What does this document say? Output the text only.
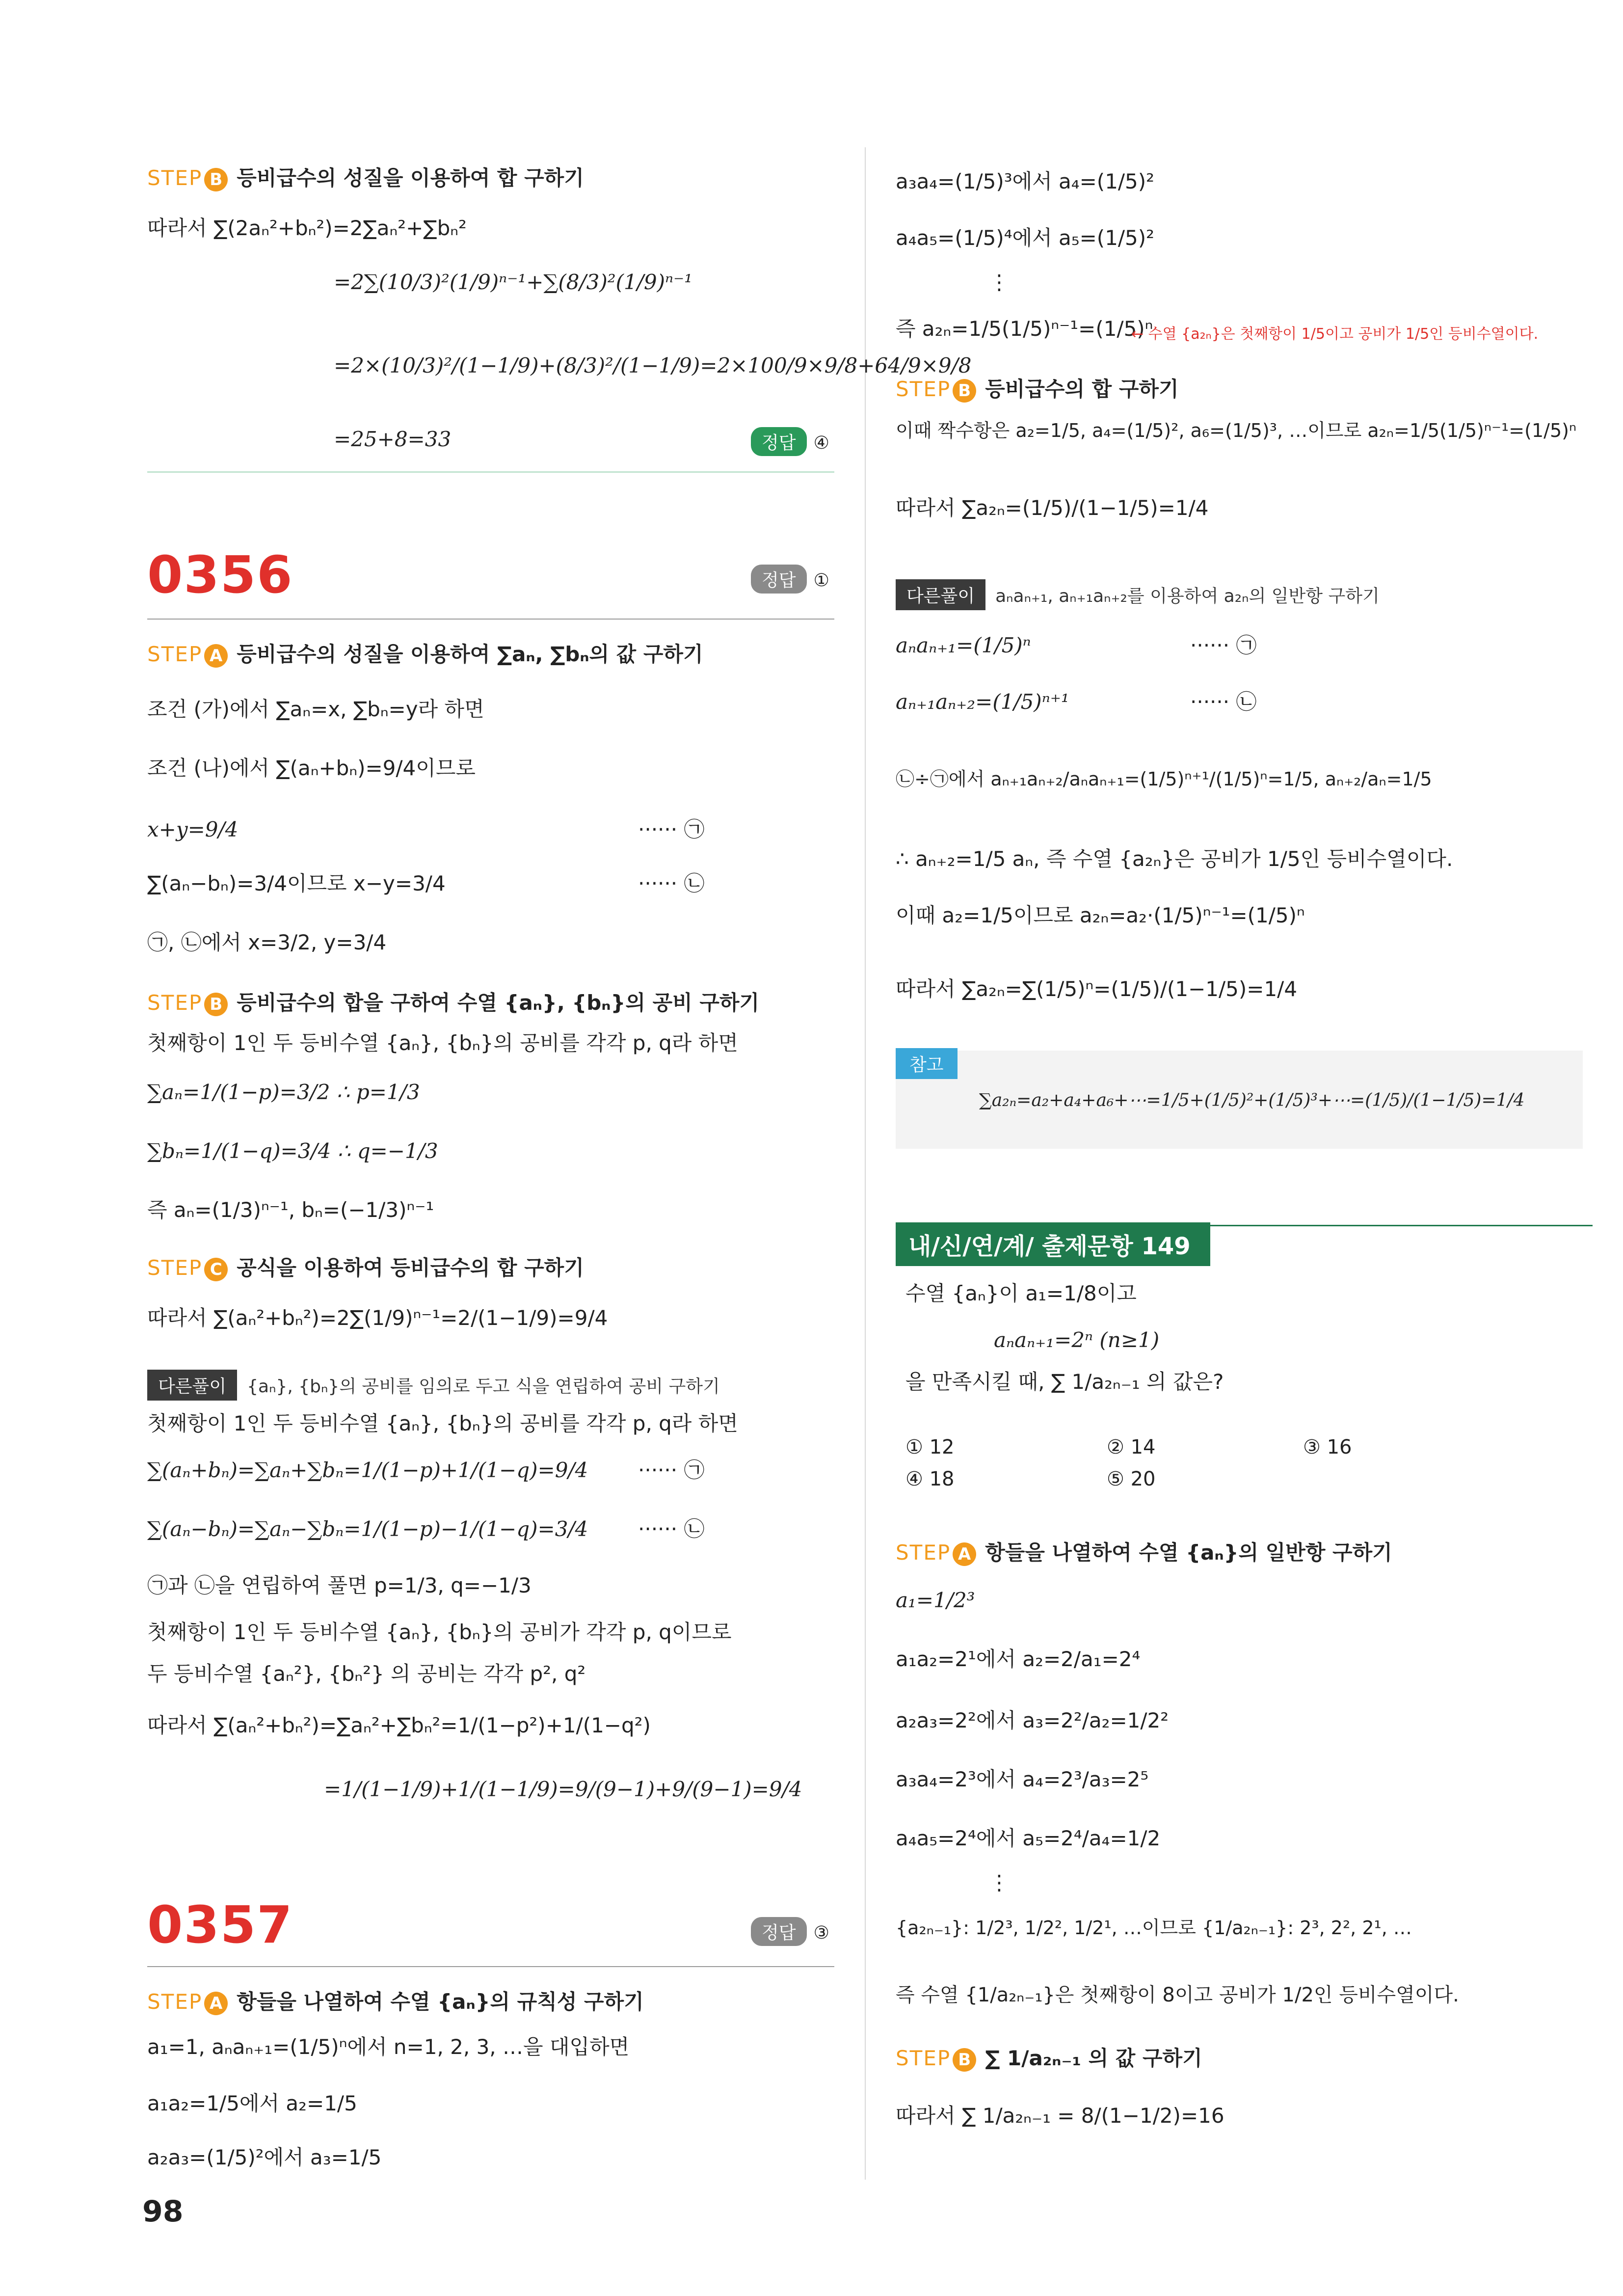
STEP B 등비급수의 성질을 이용하여 합 구하기
따라서 ∑(2aₙ²+bₙ²)=2∑aₙ²+∑bₙ²
=2∑(10/3)²(1/9)ⁿ⁻¹+∑(8/3)²(1/9)ⁿ⁻¹
=2×(10/3)²/(1−1/9)+(8/3)²/(1−1/9)=2×100/9×9/8+64/9×9/8
=25+8=33	정답 ④
0356	정답 ①
STEP A 등비급수의 성질을 이용하여 ∑aₙ, ∑bₙ의 값 구하기
조건 (가)에서 ∑aₙ=x, ∑bₙ=y라 하면
조건 (나)에서 ∑(aₙ+bₙ)=9/4이므로
x+y=9/4	······ ㉠
∑(aₙ−bₙ)=3/4이므로 x−y=3/4	······ ㉡
㉠, ㉡에서 x=3/2, y=3/4
STEP B 등비급수의 합을 구하여 수열 {aₙ}, {bₙ}의 공비 구하기
첫째항이 1인 두 등비수열 {aₙ}, {bₙ}의 공비를 각각 p, q라 하면
∑aₙ=1/(1−p)=3/2 ∴ p=1/3
∑bₙ=1/(1−q)=3/4 ∴ q=−1/3
즉 aₙ=(1/3)ⁿ⁻¹, bₙ=(−1/3)ⁿ⁻¹
STEP C 공식을 이용하여 등비급수의 합 구하기
따라서 ∑(aₙ²+bₙ²)=2∑(1/9)ⁿ⁻¹=2/(1−1/9)=9/4
다른풀이 {aₙ}, {bₙ}의 공비를 임의로 두고 식을 연립하여 공비 구하기
첫째항이 1인 두 등비수열 {aₙ}, {bₙ}의 공비를 각각 p, q라 하면
∑(aₙ+bₙ)=∑aₙ+∑bₙ=1/(1−p)+1/(1−q)=9/4 ······ ㉠
∑(aₙ−bₙ)=∑aₙ−∑bₙ=1/(1−p)−1/(1−q)=3/4 ······ ㉡
㉠과 ㉡을 연립하여 풀면 p=1/3, q=−1/3
첫째항이 1인 두 등비수열 {aₙ}, {bₙ}의 공비가 각각 p, q이므로
두 등비수열 {aₙ²}, {bₙ²} 의 공비는 각각 p², q²
따라서 ∑(aₙ²+bₙ²)=∑aₙ²+∑bₙ²=1/(1−p²)+1/(1−q²)
=1/(1−1/9)+1/(1−1/9)=9/(9−1)+9/(9−1)=9/4
0357	정답 ③
STEP A 항들을 나열하여 수열 {aₙ}의 규칙성 구하기
a₁=1, aₙaₙ₊₁=(1/5)ⁿ에서 n=1, 2, 3, …을 대입하면
a₁a₂=1/5에서 a₂=1/5
a₂a₃=(1/5)²에서 a₃=1/5
a₃a₄=(1/5)³에서 a₄=(1/5)²
a₄a₅=(1/5)⁴에서 a₅=(1/5)²
⋮
즉 a₂ₙ=1/5(1/5)ⁿ⁻¹=(1/5)ⁿ
← 수열 {a₂ₙ}은 첫째항이 1/5이고 공비가 1/5인 등비수열이다.
STEP B 등비급수의 합 구하기
이때 짝수항은 a₂=1/5, a₄=(1/5)², a₆=(1/5)³, …이므로 a₂ₙ=1/5(1/5)ⁿ⁻¹=(1/5)ⁿ
따라서 ∑a₂ₙ=(1/5)/(1−1/5)=1/4
다른풀이 aₙaₙ₊₁, aₙ₊₁aₙ₊₂를 이용하여 a₂ₙ의 일반항 구하기
aₙaₙ₊₁=(1/5)ⁿ	······ ㉠
aₙ₊₁aₙ₊₂=(1/5)ⁿ⁺¹	······ ㉡
㉡÷㉠에서 aₙ₊₁aₙ₊₂/aₙaₙ₊₁=(1/5)ⁿ⁺¹/(1/5)ⁿ=1/5, aₙ₊₂/aₙ=1/5
∴ aₙ₊₂=1/5 aₙ, 즉 수열 {a₂ₙ}은 공비가 1/5인 등비수열이다.
이때 a₂=1/5이므로 a₂ₙ=a₂·(1/5)ⁿ⁻¹=(1/5)ⁿ
따라서 ∑a₂ₙ=∑(1/5)ⁿ=(1/5)/(1−1/5)=1/4
참고
∑a₂ₙ=a₂+a₄+a₆+⋯=1/5+(1/5)²+(1/5)³+⋯=(1/5)/(1−1/5)=1/4
내/신/연/계/ 출제문항 149
수열 {aₙ}이 a₁=1/8이고
aₙaₙ₊₁=2ⁿ (n≥1)
을 만족시킬 때, ∑ 1/a₂ₙ₋₁ 의 값은?
① 12	② 14	③ 16
④ 18	⑤ 20
STEP A 항들을 나열하여 수열 {aₙ}의 일반항 구하기
a₁=1/2³
a₁a₂=2¹에서 a₂=2/a₁=2⁴
a₂a₃=2²에서 a₃=2²/a₂=1/2²
a₃a₄=2³에서 a₄=2³/a₃=2⁵
a₄a₅=2⁴에서 a₅=2⁴/a₄=1/2
⋮
{a₂ₙ₋₁}: 1/2³, 1/2², 1/2¹, …이므로 {1/a₂ₙ₋₁}: 2³, 2², 2¹, …
즉 수열 {1/a₂ₙ₋₁}은 첫째항이 8이고 공비가 1/2인 등비수열이다.
STEP B ∑ 1/a₂ₙ₋₁ 의 값 구하기
따라서 ∑ 1/a₂ₙ₋₁ = 8/(1−1/2)=16
98
